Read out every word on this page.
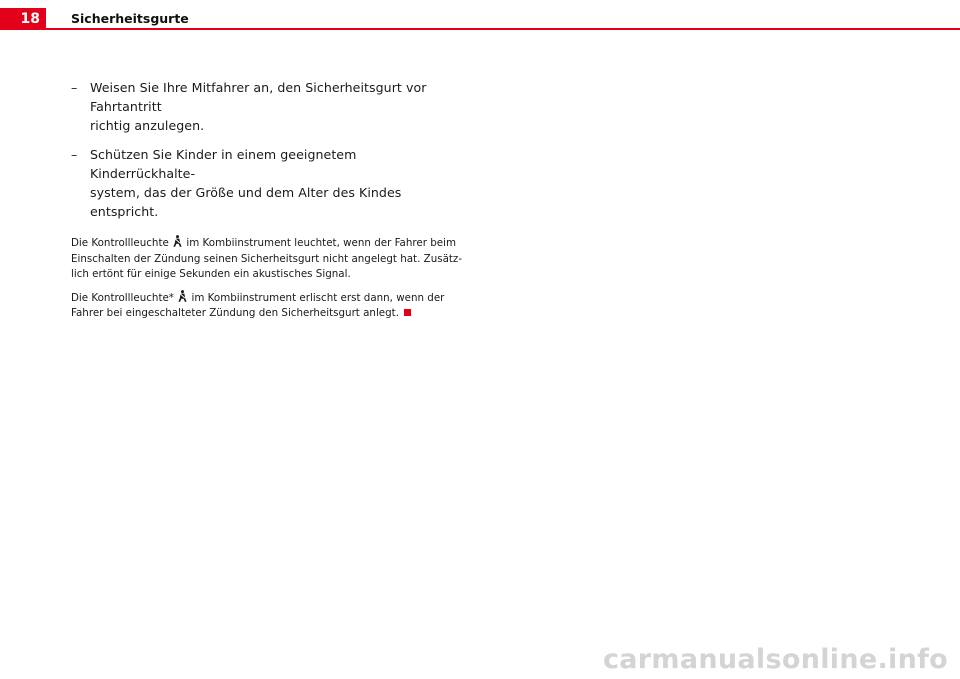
18 Sicherheitsgurte
– Weisen Sie Ihre Mitfahrer an, den Sicherheitsgurt vor Fahrtantritt
richtig anzulegen.
– Schützen Sie Kinder in einem geeignetem Kinderrückhalte-
system, das der Größe und dem Alter des Kindes entspricht.

Die Kontrollleuchte  im Kombiinstrument leuchtet, wenn der Fahrer beim
Einschalten der Zündung seinen Sicherheitsgurt nicht angelegt hat. Zusätz-
lich ertönt für einige Sekunden ein akustisches Signal.

Die Kontrollleuchte*  im Kombiinstrument erlischt erst dann, wenn der
Fahrer bei eingeschalteter Zündung den Sicherheitsgurt anlegt.

carmanualsonline.info
